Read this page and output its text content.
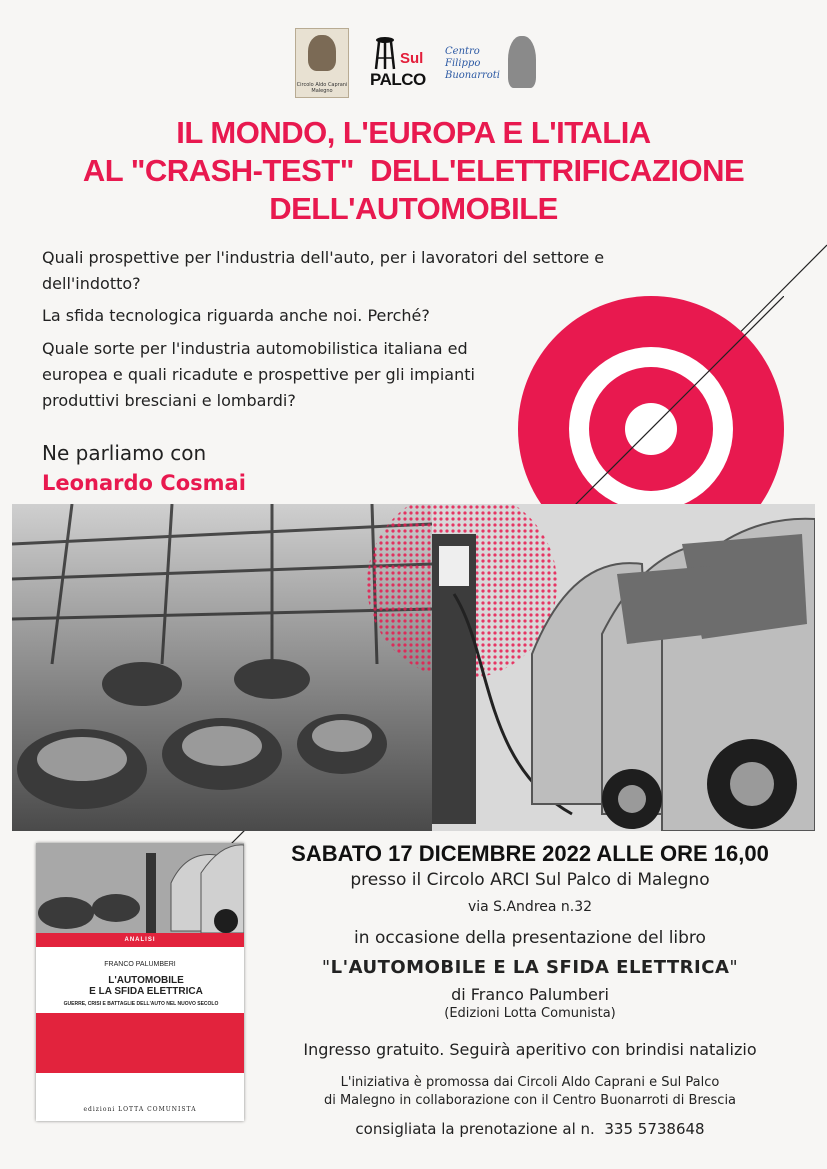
Circolo Aldo Caprani
Malegno
Sul
PALCO
Centro
Filippo
Buonarroti
IL MONDO, L'EUROPA E L'ITALIA
AL "CRASH-TEST"  DELL'ELETTRIFICAZIONE
DELL'AUTOMOBILE
Quali prospettive per l'industria dell'auto, per i lavoratori del settore e dell'indotto?
La sfida tecnologica riguarda anche noi. Perché?
Quale sorte per l'industria automobilistica italiana ed europea e quali ricadute e prospettive per gli impianti produttivi bresciani e lombardi?
Ne parliamo con
Leonardo Cosmai
ANALISI
FRANCO PALUMBERI
L'AUTOMOBILE
E LA SFIDA ELETTRICA
GUERRE, CRISI E BATTAGLIE DELL'AUTO NEL NUOVO SECOLO
edizioni LOTTA COMUNISTA
SABATO 17 DICEMBRE 2022 ALLE ORE 16,00
presso il Circolo ARCI Sul Palco di Malegno
via S.Andrea n.32
in occasione della presentazione del libro
"L'AUTOMOBILE E LA SFIDA ELETTRICA"
di Franco Palumberi
(Edizioni Lotta Comunista)
Ingresso gratuito. Seguirà aperitivo con brindisi natalizio
L'iniziativa è promossa dai Circoli Aldo Caprani e Sul Palco
di Malegno in collaborazione con il Centro Buonarroti di Brescia
consigliata la prenotazione al n. 335 5738648
